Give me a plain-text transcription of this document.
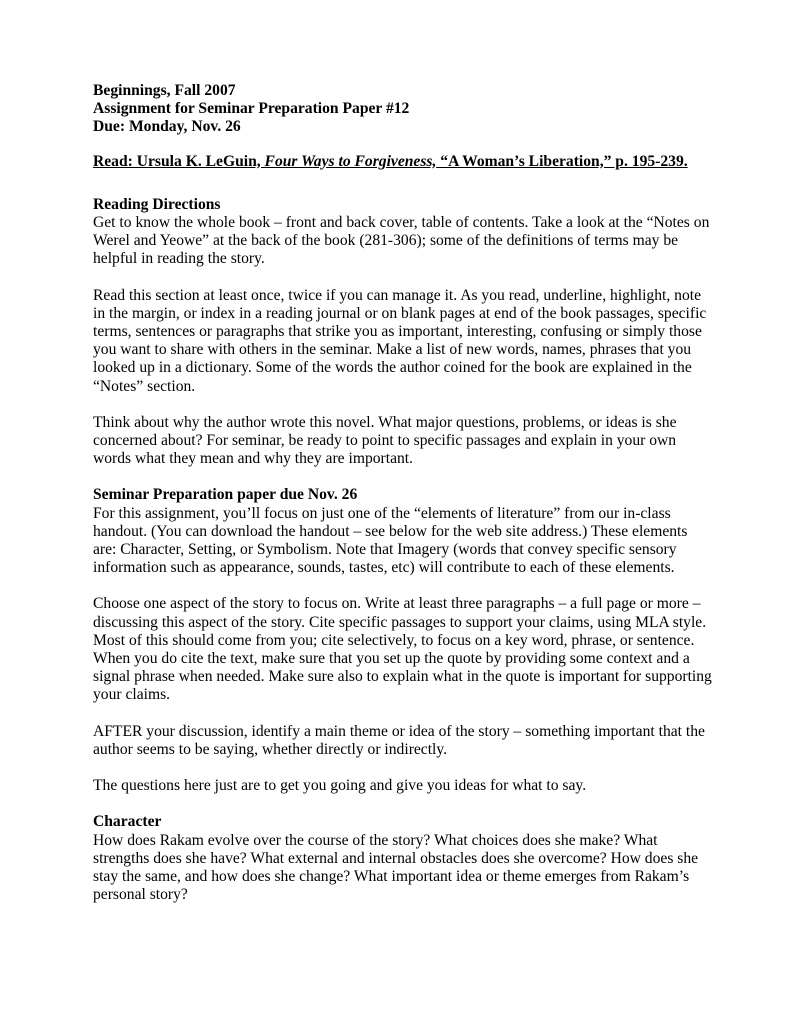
Beginnings, Fall 2007

Assignment for Seminar Preparation Paper #12

Due: Monday, Nov. 26

Read: Ursula K. LeGuin, Four Ways to Forgiveness, “A Woman’s Liberation,” p. 195-239.

Reading Directions

Get to know the whole book – front and back cover, table of contents. Take a look at the “Notes on Werel and Yeowe” at the back of the book (281-306); some of the definitions of terms may be helpful in reading the story.

Read this section at least once, twice if you can manage it. As you read, underline, highlight, note in the margin, or index in a reading journal or on blank pages at end of the book passages, specific terms, sentences or paragraphs that strike you as important, interesting, confusing or simply those you want to share with others in the seminar. Make a list of new words, names, phrases that you looked up in a dictionary. Some of the words the author coined for the book are explained in the “Notes” section.

Think about why the author wrote this novel. What major questions, problems, or ideas is she concerned about? For seminar, be ready to point to specific passages and explain in your own words what they mean and why they are important.

Seminar Preparation paper due Nov. 26

For this assignment, you’ll focus on just one of the “elements of literature” from our in-class handout. (You can download the handout – see below for the web site address.) These elements are: Character, Setting, or Symbolism. Note that Imagery (words that convey specific sensory information such as appearance, sounds, tastes, etc) will contribute to each of these elements.

Choose one aspect of the story to focus on. Write at least three paragraphs – a full page or more – discussing this aspect of the story. Cite specific passages to support your claims, using MLA style. Most of this should come from you; cite selectively, to focus on a key word, phrase, or sentence. When you do cite the text, make sure that you set up the quote by providing some context and a signal phrase when needed. Make sure also to explain what in the quote is important for supporting your claims.

AFTER your discussion, identify a main theme or idea of the story – something important that the author seems to be saying, whether directly or indirectly.

The questions here just are to get you going and give you ideas for what to say.

Character

How does Rakam evolve over the course of the story? What choices does she make? What strengths does she have? What external and internal obstacles does she overcome? How does she stay the same, and how does she change? What important idea or theme emerges from Rakam’s personal story?
